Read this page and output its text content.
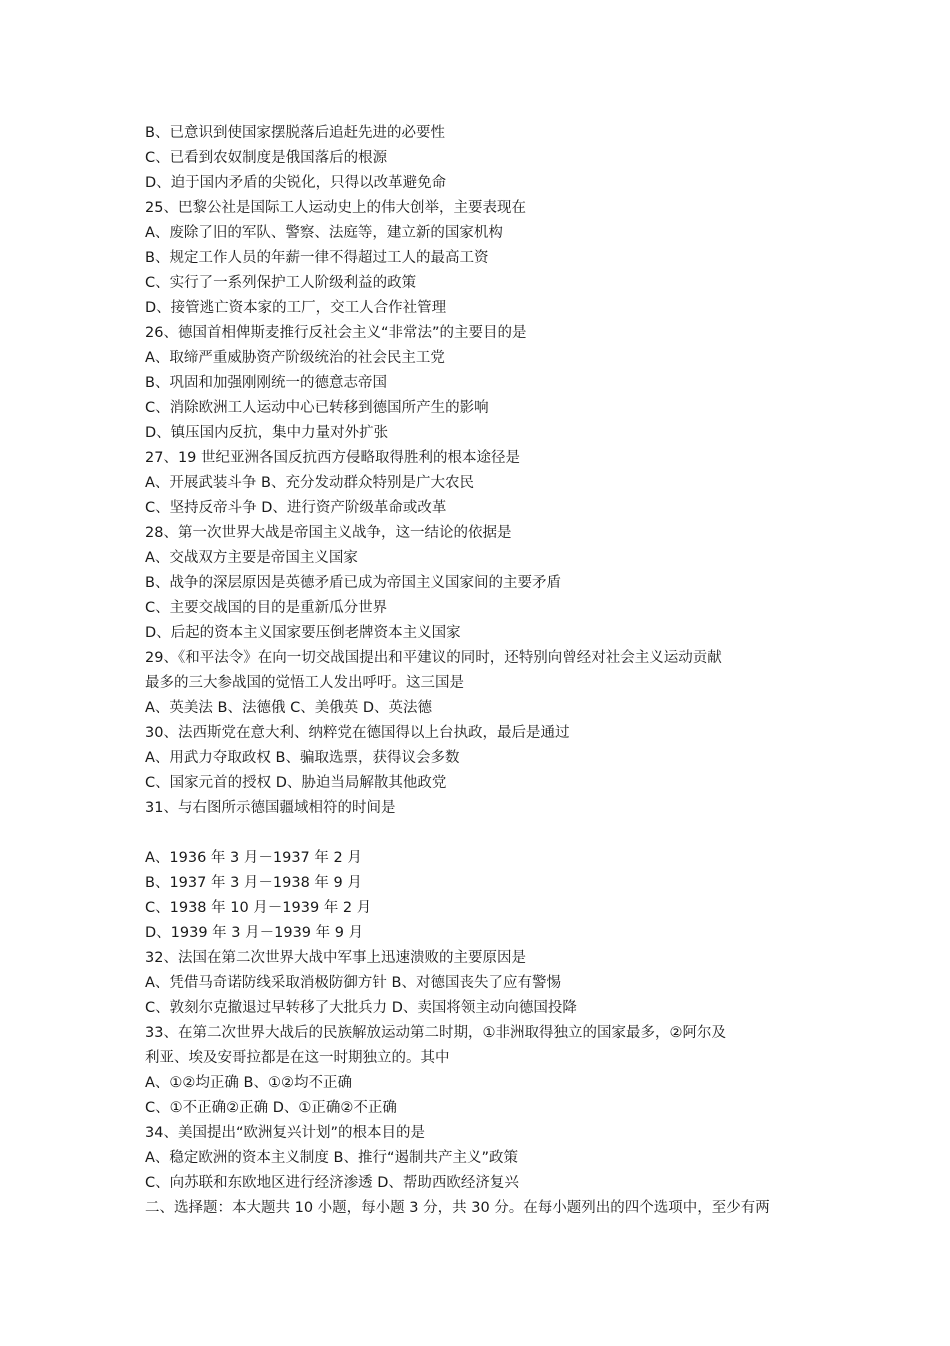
B、已意识到使国家摆脱落后追赶先进的必要性
C、已看到农奴制度是俄国落后的根源
D、迫于国内矛盾的尖锐化，只得以改革避免命
25、巴黎公社是国际工人运动史上的伟大创举，主要表现在
A、废除了旧的军队、警察、法庭等，建立新的国家机构
B、规定工作人员的年薪一律不得超过工人的最高工资
C、实行了一系列保护工人阶级利益的政策
D、接管逃亡资本家的工厂，交工人合作社管理
26、德国首相俾斯麦推行反社会主义“非常法”的主要目的是
A、取缔严重威胁资产阶级统治的社会民主工党
B、巩固和加强刚刚统一的德意志帝国
C、消除欧洲工人运动中心已转移到德国所产生的影响
D、镇压国内反抗，集中力量对外扩张
27、19 世纪亚洲各国反抗西方侵略取得胜利的根本途径是
A、开展武装斗争 B、充分发动群众特别是广大农民
C、坚持反帝斗争 D、进行资产阶级革命或改革
28、第一次世界大战是帝国主义战争，这一结论的依据是
A、交战双方主要是帝国主义国家
B、战争的深层原因是英德矛盾已成为帝国主义国家间的主要矛盾
C、主要交战国的目的是重新瓜分世界
D、后起的资本主义国家要压倒老牌资本主义国家
29、《和平法令》在向一切交战国提出和平建议的同时，还特别向曾经对社会主义运动贡献
最多的三大参战国的觉悟工人发出呼吁。这三国是
A、英美法 B、法德俄 C、美俄英 D、英法德
30、法西斯党在意大利、纳粹党在德国得以上台执政，最后是通过
A、用武力夺取政权 B、骗取选票，获得议会多数
C、国家元首的授权 D、胁迫当局解散其他政党
31、与右图所示德国疆域相符的时间是
A、1936 年 3 月－1937 年 2 月
B、1937 年 3 月－1938 年 9 月
C、1938 年 10 月－1939 年 2 月
D、1939 年 3 月－1939 年 9 月
32、法国在第二次世界大战中军事上迅速溃败的主要原因是
A、凭借马奇诺防线采取消极防御方针 B、对德国丧失了应有警惕
C、敦刻尔克撤退过早转移了大批兵力 D、卖国将领主动向德国投降
33、在第二次世界大战后的民族解放运动第二时期，①非洲取得独立的国家最多，②阿尔及
利亚、埃及安哥拉都是在这一时期独立的。其中
A、①②均正确 B、①②均不正确
C、①不正确②正确 D、①正确②不正确
34、美国提出“欧洲复兴计划”的根本目的是
A、稳定欧洲的资本主义制度 B、推行“遏制共产主义”政策
C、向苏联和东欧地区进行经济渗透 D、帮助西欧经济复兴
二、选择题：本大题共 10 小题，每小题 3 分，共 30 分。在每小题列出的四个选项中，至少有两
